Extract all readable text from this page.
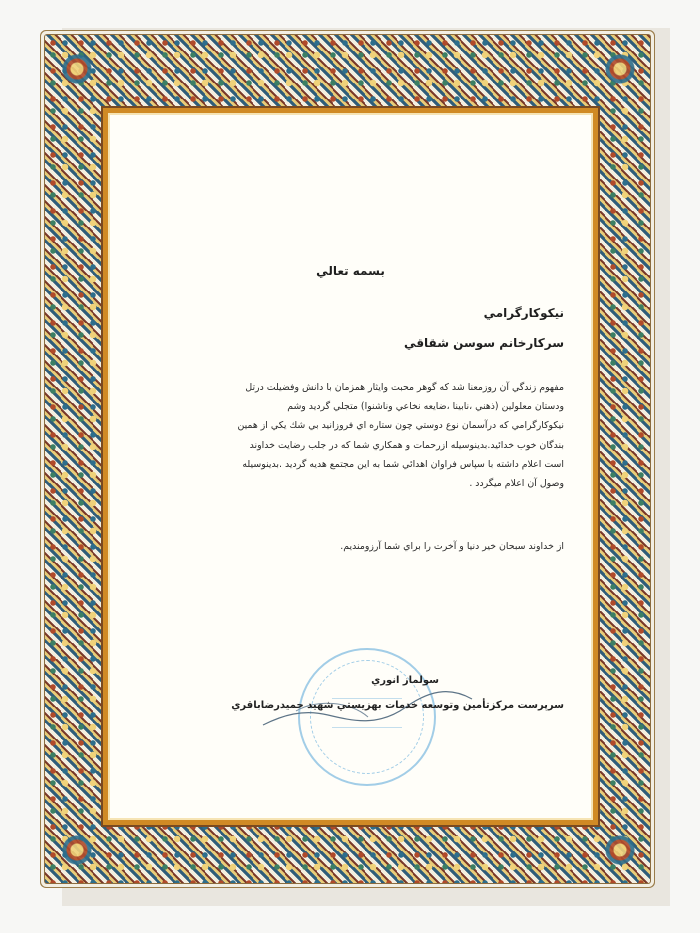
بسمه تعالي
نيكوكارگرامي
سركارخانم سوسن شقاقي
مفهوم زندگي آن روزمعنا شد كه گوهر محبت وايثار همزمان با دانش وفضيلت درتل
ودستان معلولين (ذهني ،نابينا ،ضايعه نخاعي وناشنوا) متجلي گرديد وشم
نيكوكارگرامي كه درآسمان نوع دوستي چون ستاره اي فروزانيد بي شك يكي از همين
بندگان خوب خدائيد.بدينوسيله ازرحمات و همكاري شما كه در جلب رضايت خداوند
است اعلام داشته با سپاس فراوان اهدائي شما به اين مجتمع هديه گرديد .بدينوسيله
وصول آن اعلام ميگردد .
از خداوند سبحان خير دنيا و آخرت را براي شما آرزومنديم.
سولماز انوري
سرپرست مركزتأمين وتوسعه خدمات بهزيستي شهيد حميدرضاباقري
